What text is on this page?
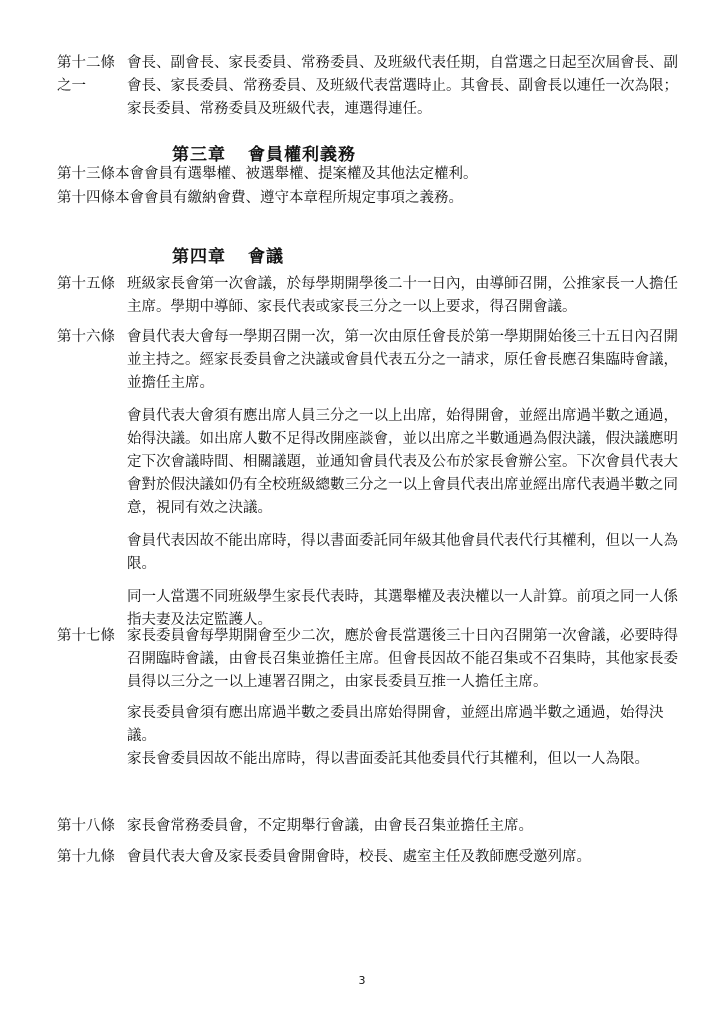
第十二條
之一

會長、副會長、家長委員、常務委員、及班級代表任期，自當選之日起至次屆會長、副會長、家長委員、常務委員、及班級代表當選時止。其會長、副會長以連任一次為限；家長委員、常務委員及班級代表，連選得連任。

第三章 會員權利義務
第十三條本會會員有選舉權、被選舉權、提案權及其他法定權利。
第十四條本會會員有繳納會費、遵守本章程所規定事項之義務。
第四章 會議
第十五條 班級家長會第一次會議，於每學期開學後二十一日內，由導師召開，公推家長一人擔任主席。學期中導師、家長代表或家長三分之一以上要求，得召開會議。

第十六條 會員代表大會每一學期召開一次，第一次由原任會長於第一學期開始後三十五日內召開並主持之。經家長委員會之決議或會員代表五分之一請求，原任會長應召集臨時會議，並擔任主席。

會員代表大會須有應出席人員三分之一以上出席，始得開會，並經出席過半數之通過，始得決議。如出席人數不足得改開座談會，並以出席之半數通過為假決議，假決議應明定下次會議時間、相關議題，並通知會員代表及公布於家長會辦公室。下次會員代表大會對於假決議如仍有全校班級總數三分之一以上會員代表出席並經出席代表過半數之同意，視同有效之決議。

會員代表因故不能出席時，得以書面委託同年級其他會員代表代行其權利，但以一人為限。

同一人當選不同班級學生家長代表時，其選舉權及表決權以一人計算。前項之同一人係指夫妻及法定監護人。

第十七條 家長委員會每學期開會至少二次，應於會長當選後三十日內召開第一次會議，必要時得召開臨時會議，由會長召集並擔任主席。但會長因故不能召集或不召集時，其他家長委員得以三分之一以上連署召開之，由家長委員互推一人擔任主席。

家長委員會須有應出席過半數之委員出席始得開會，並經出席過半數之通過，始得決議。

家長會委員因故不能出席時，得以書面委託其他委員代行其權利，但以一人為限。

第十八條 家長會常務委員會，不定期舉行會議，由會長召集並擔任主席。

第十九條 會員代表大會及家長委員會開會時，校長、處室主任及教師應受邀列席。

3
